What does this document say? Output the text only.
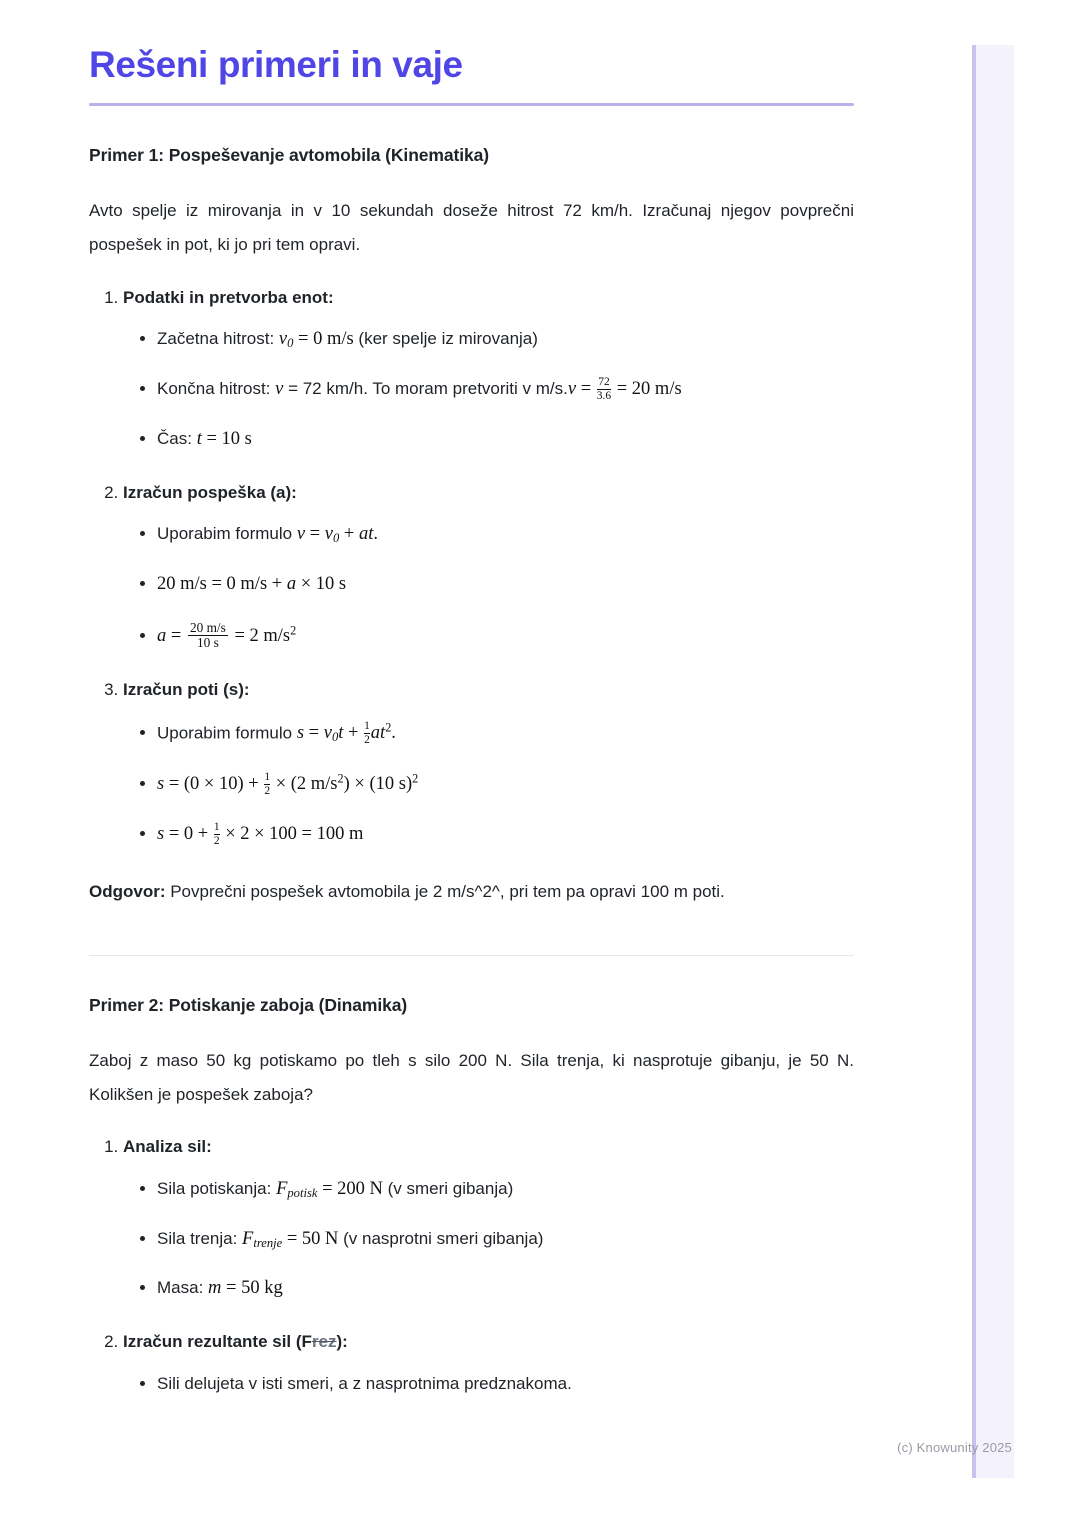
Rešeni primeri in vaje
Primer 1: Pospeševanje avtomobila (Kinematika)

Avto spelje iz mirovanja in v 10 sekundah doseže hitrost 72 km/h. Izračunaj njegov povprečni pospešek in pot, ki jo pri tem opravi.

1. Podatki in pretvorba enot:
• Začetna hitrost: v0 = 0 m/s (ker spelje iz mirovanja)
• Končna hitrost: v = 72 km/h. To moram pretvoriti v $m/s.v = \frac{72}{3.6} = 20$ m/s
• Čas: t = 10 s
2. Izračun pospeška (a):
• Uporabim formulo v = v0 + at.
• 20 m/s = 0 m/s + a × 10 s
• $a = \frac{20 m/s}{10 s} = 2$ $m/s^2$
3. Izračun poti (s):
• Uporabim formulo $s = v0t + \frac{1}{2} at^2$.
• $s = (0 \times 10) + \frac{1}{2} \times (2$ $m/s^2) \times (10$ s)$^2$
• $s = 0 + \frac{1}{2} \times 2 \times 100 = 100$ m

Odgovor: Povprečni pospešek avtomobila je 2 m/s^2^, pri tem pa opravi 100 m poti.

Primer 2: Potiskanje zaboja (Dinamika)

Zaboj z maso 50 kg potiskamo po tleh s silo 200 N. Sila trenja, ki nasprotuje gibanju, je 50 N. Kolikšen je pospešek zaboja?

1. Analiza sil:
• Sila potiskanja: Fpotisk = 200 N (v smeri gibanja)
• Sila trenja: Ftrenje = 50 N (v nasprotni smeri gibanja)
• Masa: m = 50 kg
2. Izračun rezultante sil (Frez):
• Sili delujeta v isti smeri, a z nasprotnima predznakoma.
(c) Knowunity 2025
